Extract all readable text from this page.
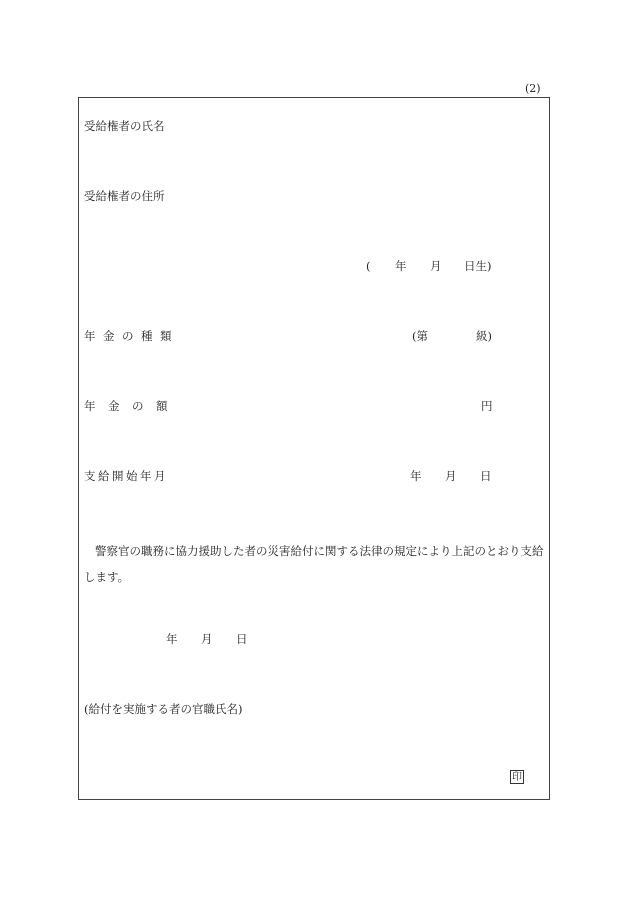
(2)
受給権者の氏名
受給権者の住所
( 年 月 日生)
年 金 の 種 類	(第	級)
年 金 の 額	円
支 給 開 始 年 月	年 月 日
警察官の職務に協力援助した者の災害給付に関する法律の規定により上記のとおり支給します。
年 月 日
(給付を実施する者の官職氏名)
印
